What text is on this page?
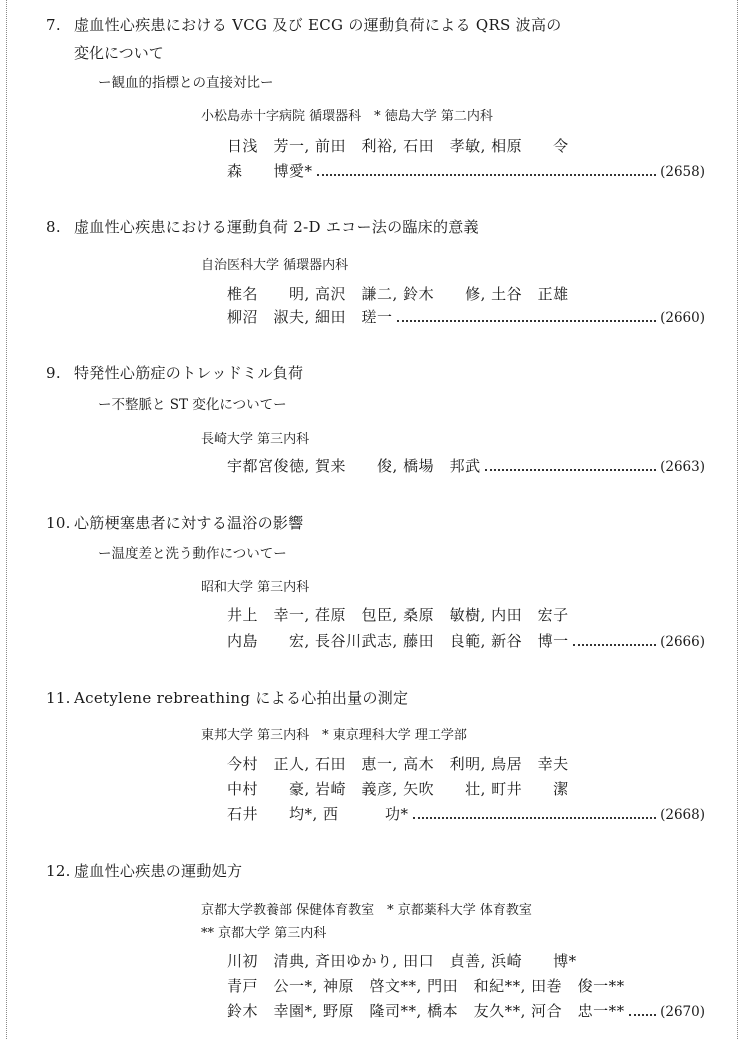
7. 虚血性心疾患における VCG 及び ECG の運動負荷による QRS 波高の
変化について
ー観血的指標との直接対比ー
小松島赤十字病院 循環器科　* 徳島大学 第二内科
日浅　芳一, 前田　利裕, 石田　孝敏, 相原　　令
森　　博愛*	(2658)
8. 虚血性心疾患における運動負荷 2-D エコー法の臨床的意義
自治医科大学 循環器内科
椎名　　明, 高沢　謙二, 鈴木　　修, 土谷　正雄
柳沼　淑夫, 細田　瑳一	(2660)
9. 特発性心筋症のトレッドミル負荷
ー不整脈と ST 変化についてー
長崎大学 第三内科
宇都宮俊徳, 賀来　　俊, 橋場　邦武	(2663)
10. 心筋梗塞患者に対する温浴の影響
ー温度差と洗う動作についてー
昭和大学 第三内科
井上　幸一, 荏原　包臣, 桑原　敏樹, 内田　宏子
内島　　宏, 長谷川武志, 藤田　良範, 新谷　博一	(2666)
11. Acetylene rebreathing による心拍出量の測定
東邦大学 第三内科　* 東京理科大学 理工学部
今村　正人, 石田　恵一, 高木　利明, 鳥居　幸夫
中村　　豪, 岩崎　義彦, 矢吹　　壮, 町井　　潔
石井　　均*, 西　　　功*	(2668)
12. 虚血性心疾患の運動処方
京都大学教養部 保健体育教室　* 京都薬科大学 体育教室
** 京都大学 第三内科
川初　清典, 斉田ゆかり, 田口　貞善, 浜崎　　博*
青戸　公一*, 神原　啓文**, 門田　和紀**, 田巻　俊一**
鈴木　幸園*, 野原　隆司**, 橋本　友久**, 河合　忠一**	(2670)
